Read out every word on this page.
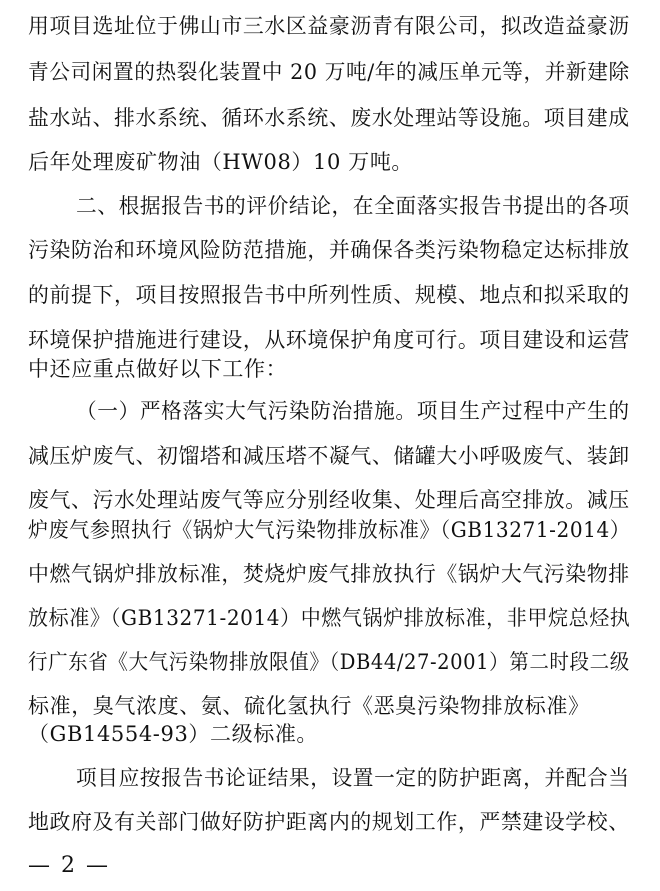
用项目选址位于佛山市三水区益豪沥青有限公司，拟改造益豪沥
青公司闲置的热裂化装置中 20 万吨/年的减压单元等，并新建除
盐水站、排水系统、循环水系统、废水处理站等设施。项目建成
后年处理废矿物油（HW08）10 万吨。
二、根据报告书的评价结论，在全面落实报告书提出的各项
污染防治和环境风险防范措施，并确保各类污染物稳定达标排放
的前提下，项目按照报告书中所列性质、规模、地点和拟采取的
环境保护措施进行建设，从环境保护角度可行。项目建设和运营
中还应重点做好以下工作：
（一）严格落实大气污染防治措施。项目生产过程中产生的
减压炉废气、初馏塔和减压塔不凝气、储罐大小呼吸废气、装卸
废气、污水处理站废气等应分别经收集、处理后高空排放。减压
炉废气参照执行《锅炉大气污染物排放标准》（GB13271-2014）
中燃气锅炉排放标准，焚烧炉废气排放执行《锅炉大气污染物排
放标准》（GB13271-2014）中燃气锅炉排放标准，非甲烷总烃执
行广东省《大气污染物排放限值》（DB44/27-2001）第二时段二级
标准，臭气浓度、氨、硫化氢执行《恶臭污染物排放标准》
（GB14554-93）二级标准。
项目应按报告书论证结果，设置一定的防护距离，并配合当
地政府及有关部门做好防护距离内的规划工作，严禁建设学校、
— 2 —
